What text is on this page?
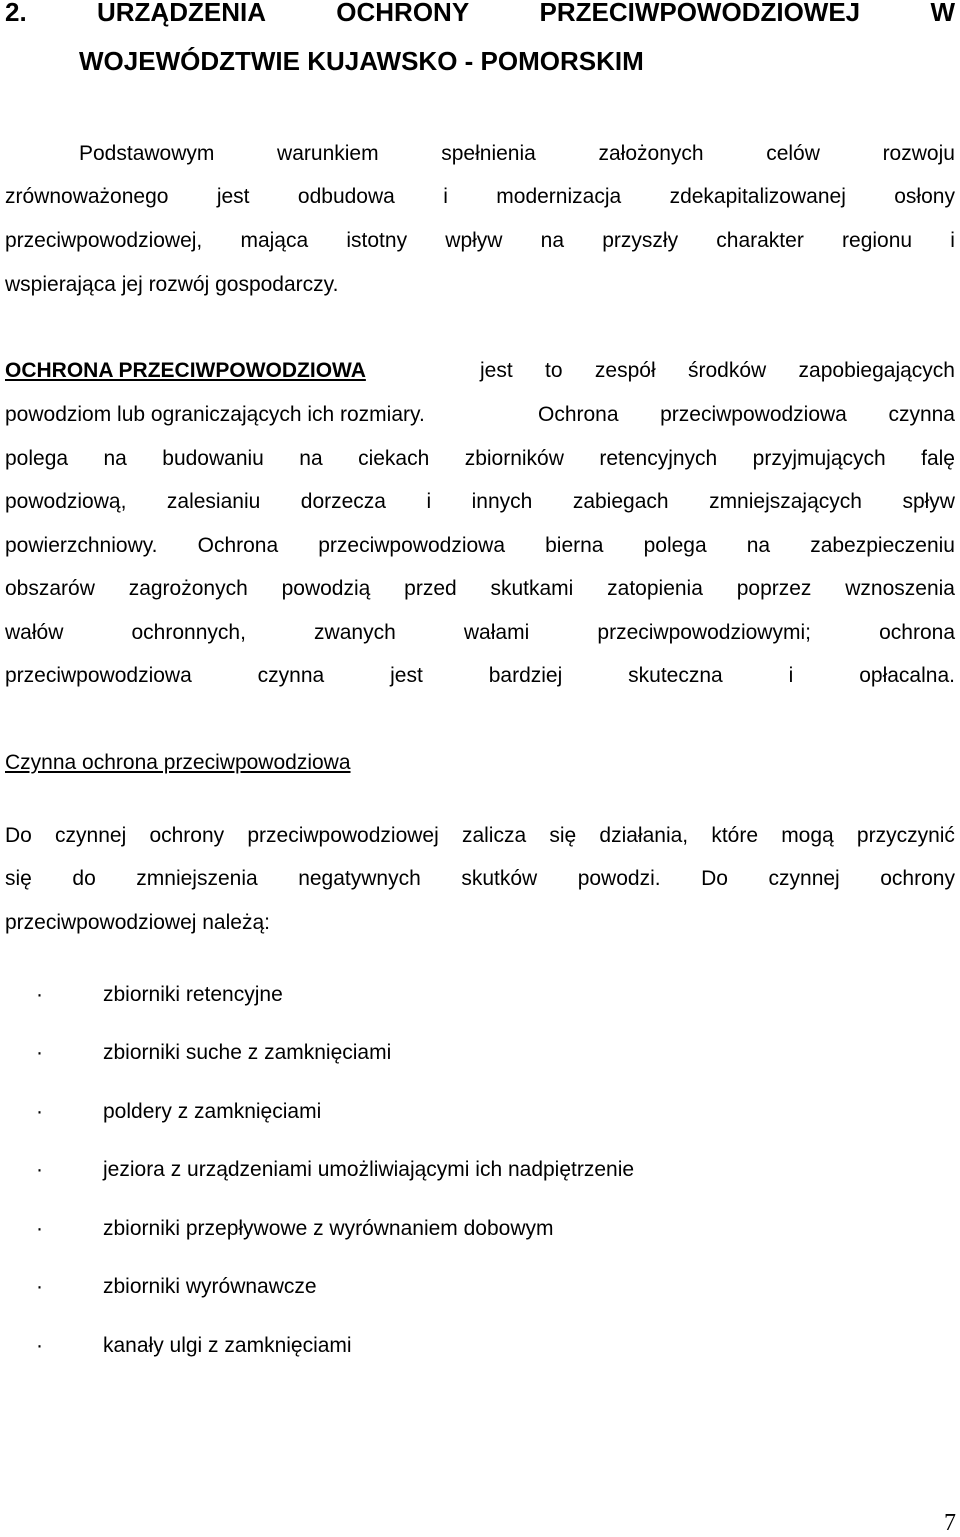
2.	URZĄDZENIA	OCHRONY	PRZECIWPOWODZIOWEJ	W
WOJEWÓDZTWIE KUJAWSKO - POMORSKIM
Podstawowym	warunkiem	spełnienia	założonych	celów	rozwoju
zrównoważonego jest odbudowa i modernizacja zdekapitalizowanej osłony
przeciwpowodziowej, mająca istotny wpływ na przyszły charakter regionu i
wspierająca jej rozwój gospodarczy.
OCHRONA PRZECIWPOWODZIOWA	jest to zespół środków zapobiegających
powodziom lub ograniczających ich rozmiary.	Ochrona przeciwpowodziowa czynna
polega na budowaniu na ciekach zbiorników retencyjnych przyjmujących falę
powodziową, zalesianiu dorzecza i innych zabiegach zmniejszających spływ
powierzchniowy. Ochrona przeciwpowodziowa bierna polega na zabezpieczeniu
obszarów zagrożonych powodzią przed skutkami zatopienia poprzez wznoszenia
wałów	ochronnych,	zwanych	wałami	przeciwpowodziowymi;	ochrona
przeciwpowodziowa	czynna	jest	bardziej	skuteczna	i	opłacalna.
Czynna ochrona przeciwpowodziowa
Do czynnej ochrony przeciwpowodziowej zalicza się działania, które mogą przyczynić
się do zmniejszenia negatywnych skutków powodzi. Do czynnej ochrony
przeciwpowodziowej należą:
·	zbiorniki retencyjne
·	zbiorniki suche z zamknięciami
·	poldery z zamknięciami
·	jeziora z urządzeniami umożliwiającymi ich nadpiętrzenie
·	zbiorniki przepływowe z wyrównaniem dobowym
·	zbiorniki wyrównawcze
·	kanały ulgi z zamknięciami
7
